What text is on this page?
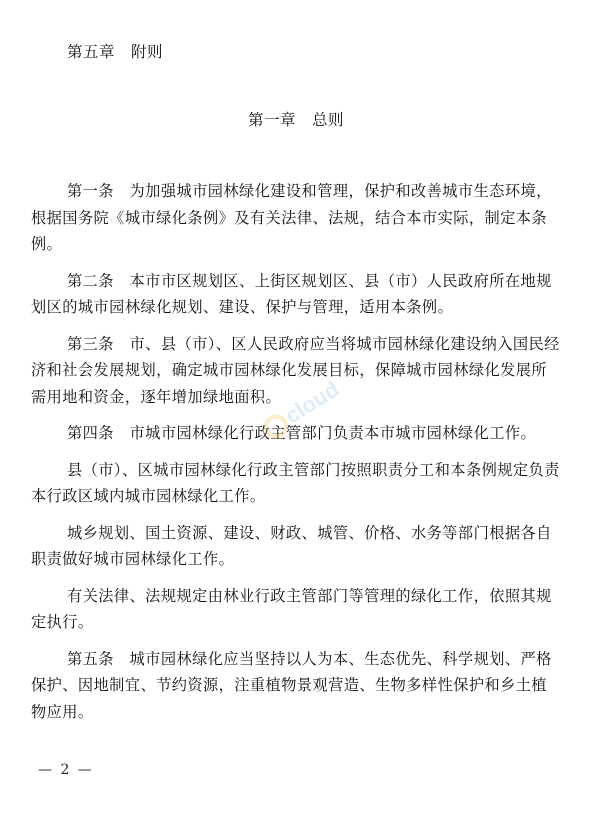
第五章　附则
第一章　总则

第一条　为加强城市园林绿化建设和管理，保护和改善城市生态环境，
根据国务院《城市绿化条例》及有关法律、法规，结合本市实际，制定本条
例。

第二条　本市市区规划区、上街区规划区、县（市）人民政府所在地规
划区的城市园林绿化规划、建设、保护与管理，适用本条例。

第三条　市、县（市）、区人民政府应当将城市园林绿化建设纳入国民经
济和社会发展规划，确定城市园林绿化发展目标，保障城市园林绿化发展所
需用地和资金，逐年增加绿地面积。

第四条　市城市园林绿化行政主管部门负责本市城市园林绿化工作。

县（市）、区城市园林绿化行政主管部门按照职责分工和本条例规定负责
本行政区域内城市园林绿化工作。

城乡规划、国土资源、建设、财政、城管、价格、水务等部门根据各自
职责做好城市园林绿化工作。

有关法律、法规规定由林业行政主管部门等管理的绿化工作，依照其规
定执行。

第五条　城市园林绿化应当坚持以人为本、生态优先、科学规划、严格
保护、因地制宜、节约资源，注重植物景观营造、生物多样性保护和乡土植
物应用。

cloud
— 2 —
